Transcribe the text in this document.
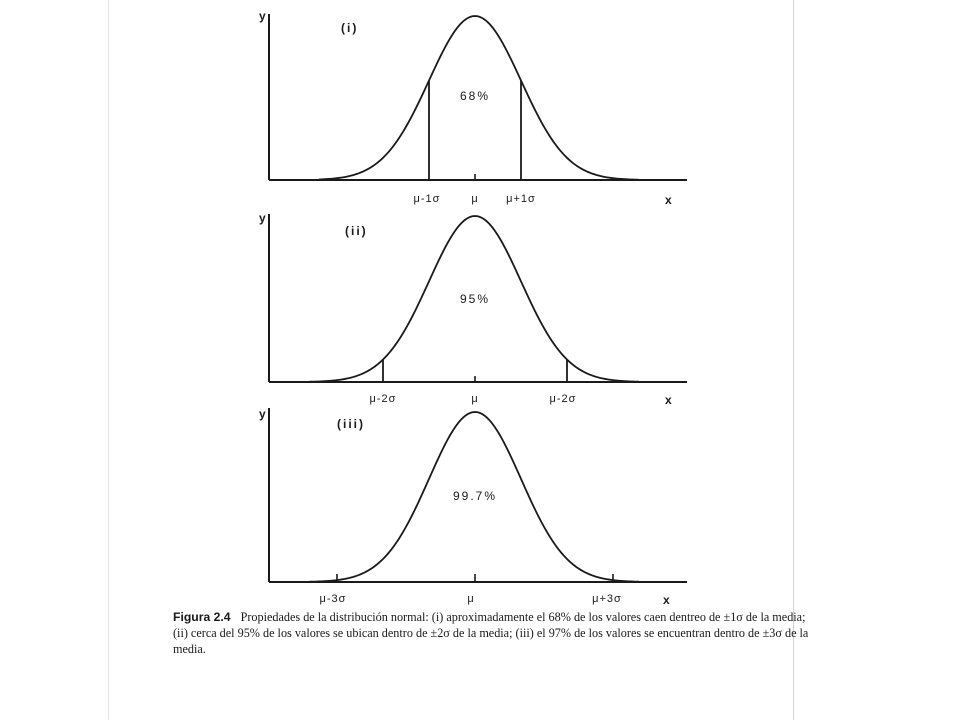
y
(i)
68%
μ-1σ	μ μ+1σ	x
y
(ii)
95%
μ-2σ	μ	μ-2σ	x
y
(iii)
99.7%
μ-3σ	μ	μ+3σ	x
Figura 2.4 Propiedades de la distribución normal: (i) aproximadamente el 68% de los valores caen dentreo de ±1σ de la media; (ii) cerca del 95% de los valores se ubican dentro de ±2σ de la media; (iii) el 97% de los valores se encuentran dentro de ±3σ de la media.
